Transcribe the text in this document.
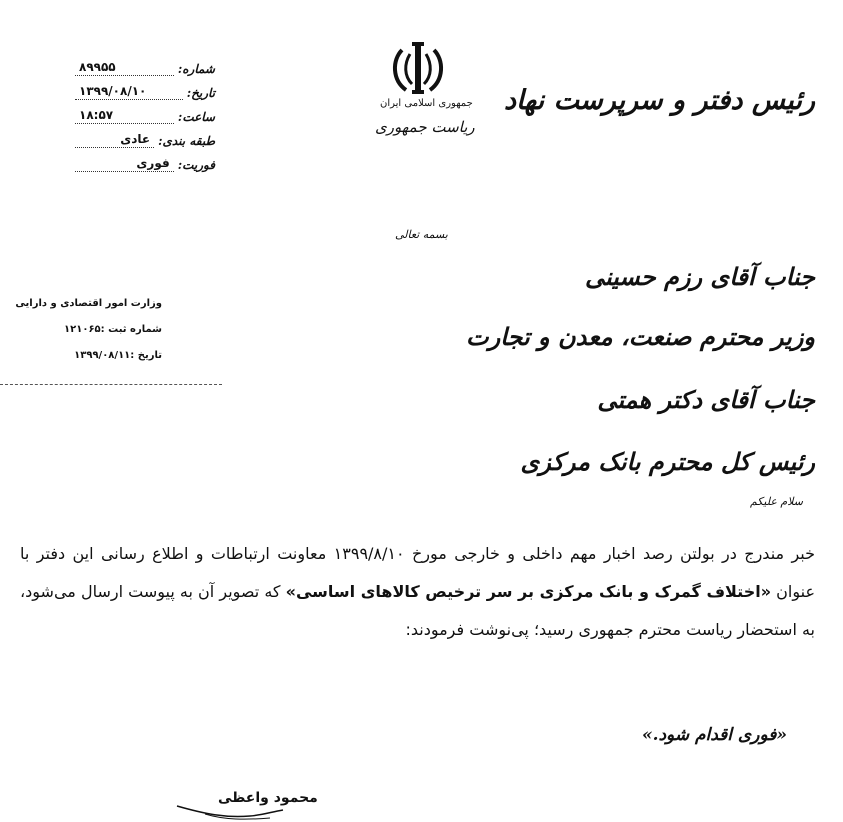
رئیس دفتر و سرپرست نهاد
جمهوری اسلامی ایران
ریاست جمهوری
بسمه تعالی
شماره:
۸۹۹۵۵
تاریخ:
۱۳۹۹/۰۸/۱۰
ساعت:
۱۸:۵۷
طبقه بندی:
عادی
فوریت:
فوری
وزارت امور اقتصادی و دارایی
شماره ثبت :۱۲۱۰۶۵
تاریخ :۱۳۹۹/۰۸/۱۱
جناب آقای رزم حسینی
وزیر محترم صنعت، معدن و تجارت
جناب آقای دکتر همتی
رئیس کل محترم بانک مرکزی
سلام علیکم
خبر مندرج در بولتن رصد اخبار مهم داخلی و خارجی مورخ ۱۳۹۹/۸/۱۰ معاونت ارتباطات و اطلاع رسانی این دفتر با عنوان «اختلاف گمرک و بانک مرکزی بر سر ترخیص کالاهای اساسی» که تصویر آن به پیوست ارسال می‌شود، به استحضار ریاست محترم جمهوری رسید؛ پی‌نوشت فرمودند:
«فوری اقدام شود.»
محمود واعظی
